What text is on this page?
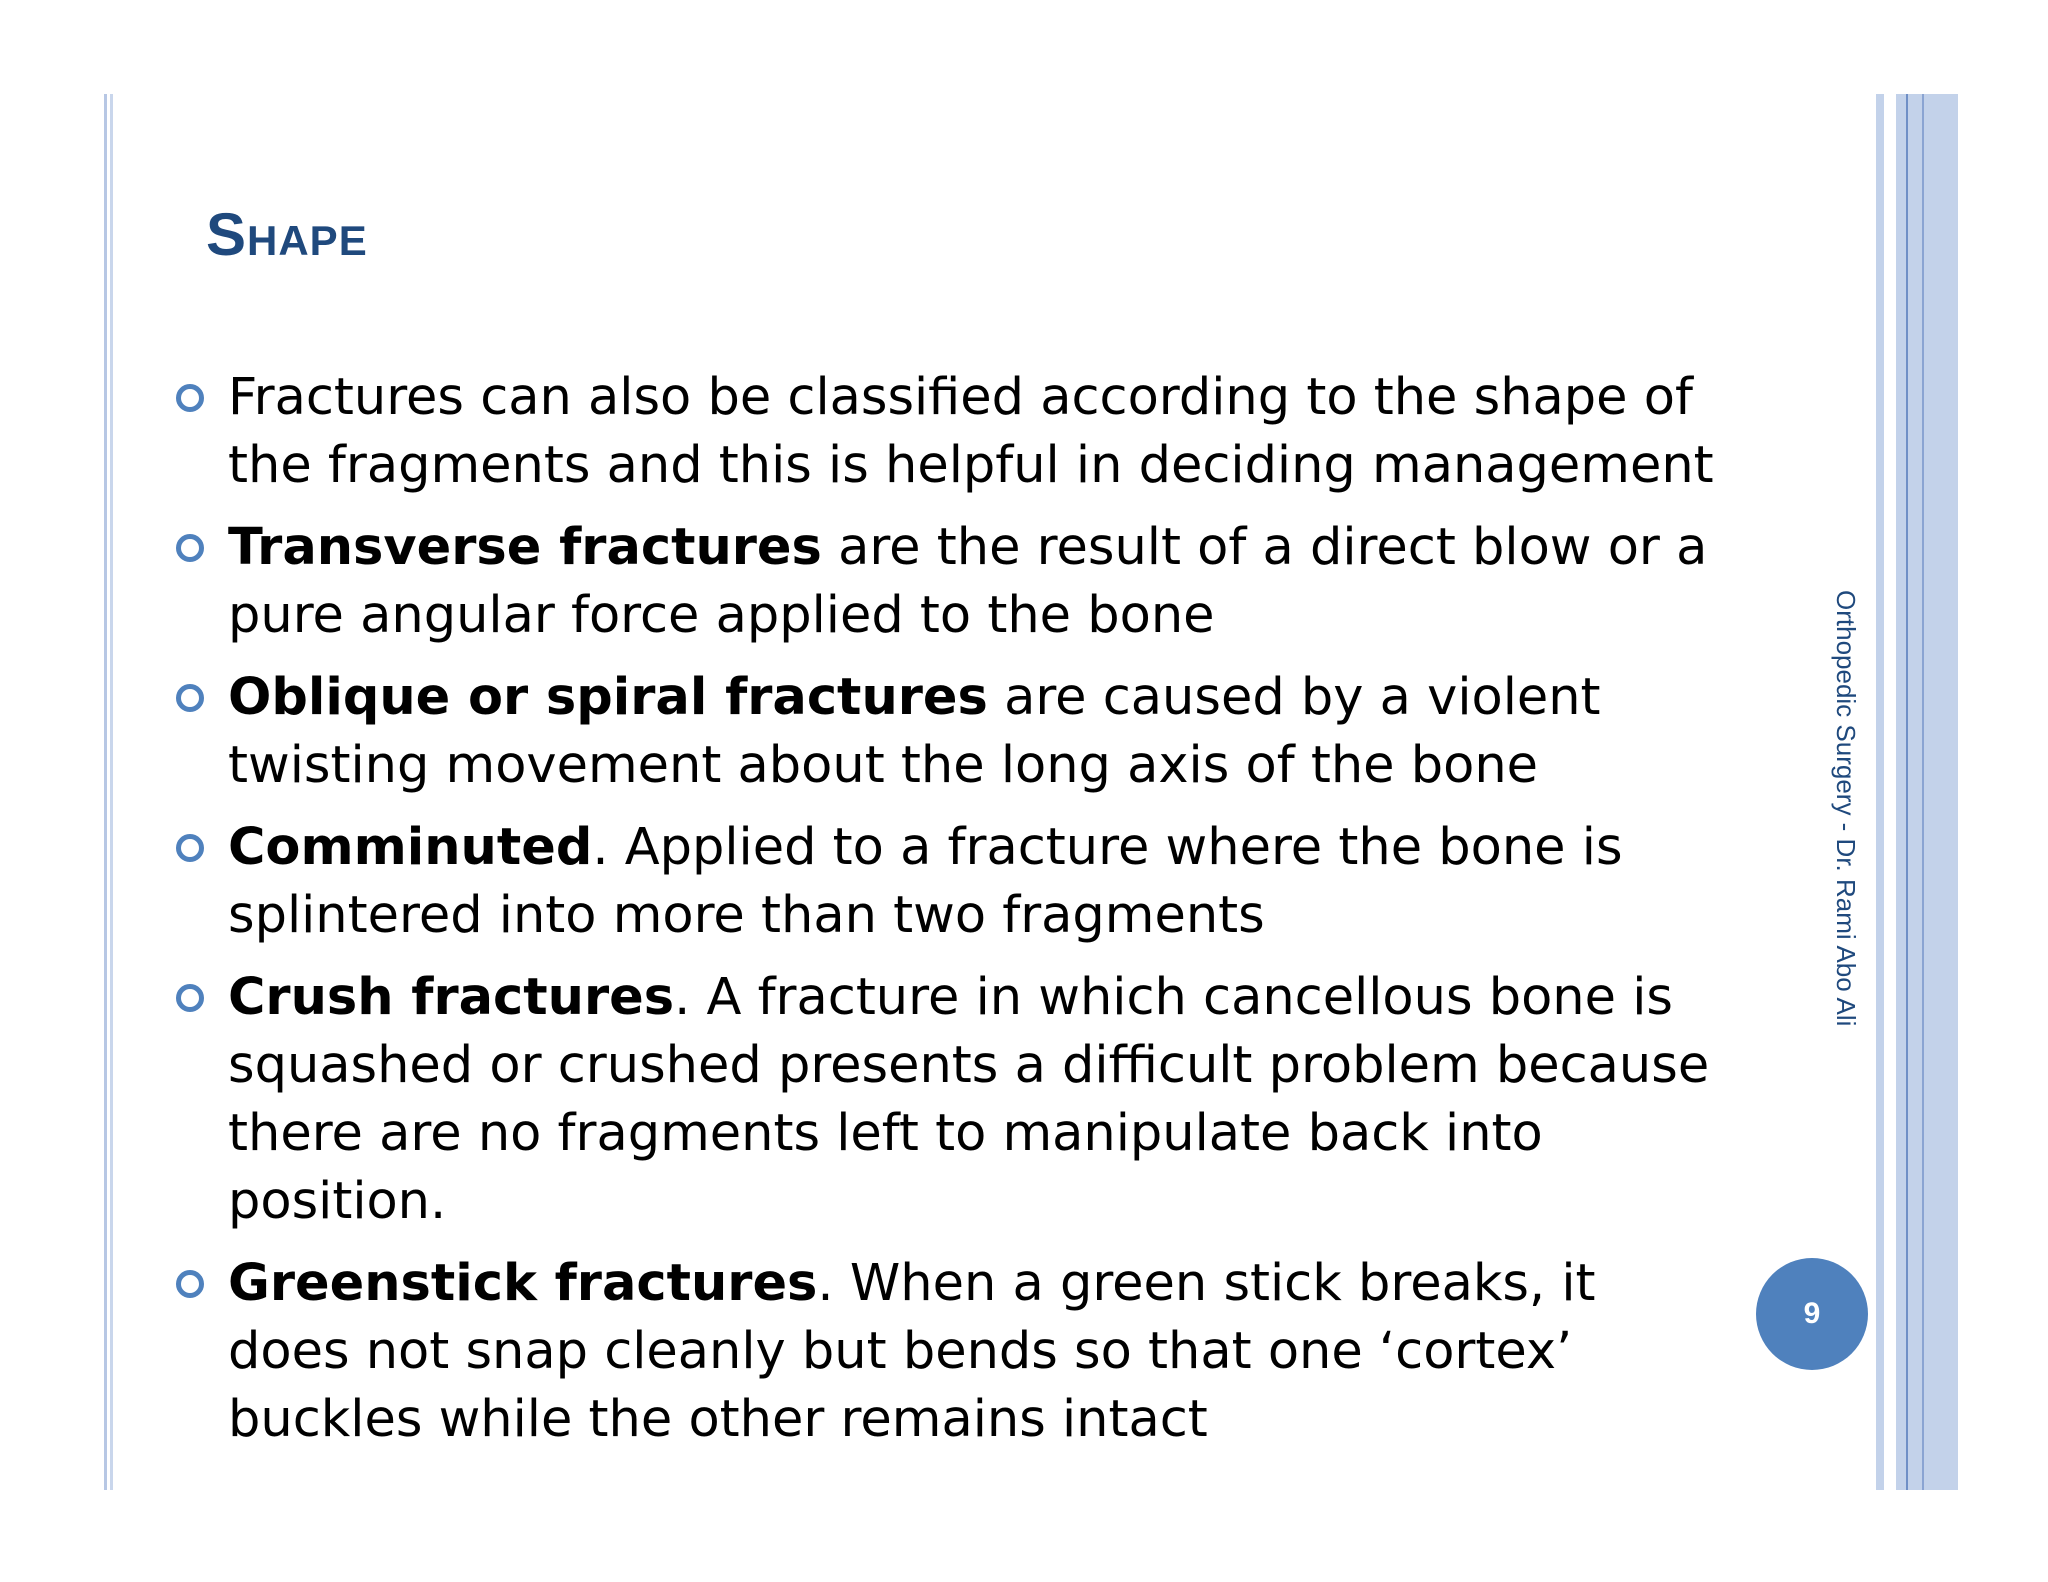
Shape
Fractures can also be classified according to the shape of the fragments and this is helpful in deciding management
Transverse fractures are the result of a direct blow or a pure angular force applied to the bone
Oblique or spiral fractures are caused by a violent twisting movement about the long axis of the bone
Comminuted. Applied to a fracture where the bone is splintered into more than two fragments
Crush fractures. A fracture in which cancellous bone is squashed or crushed presents a difficult problem because there are no fragments left to manipulate back into position.
Greenstick fractures. When a green stick breaks, it does not snap cleanly but bends so that one ‘cortex’ buckles while the other remains intact
Orthopedic Surgery - Dr. Rami Abo Ali
9
